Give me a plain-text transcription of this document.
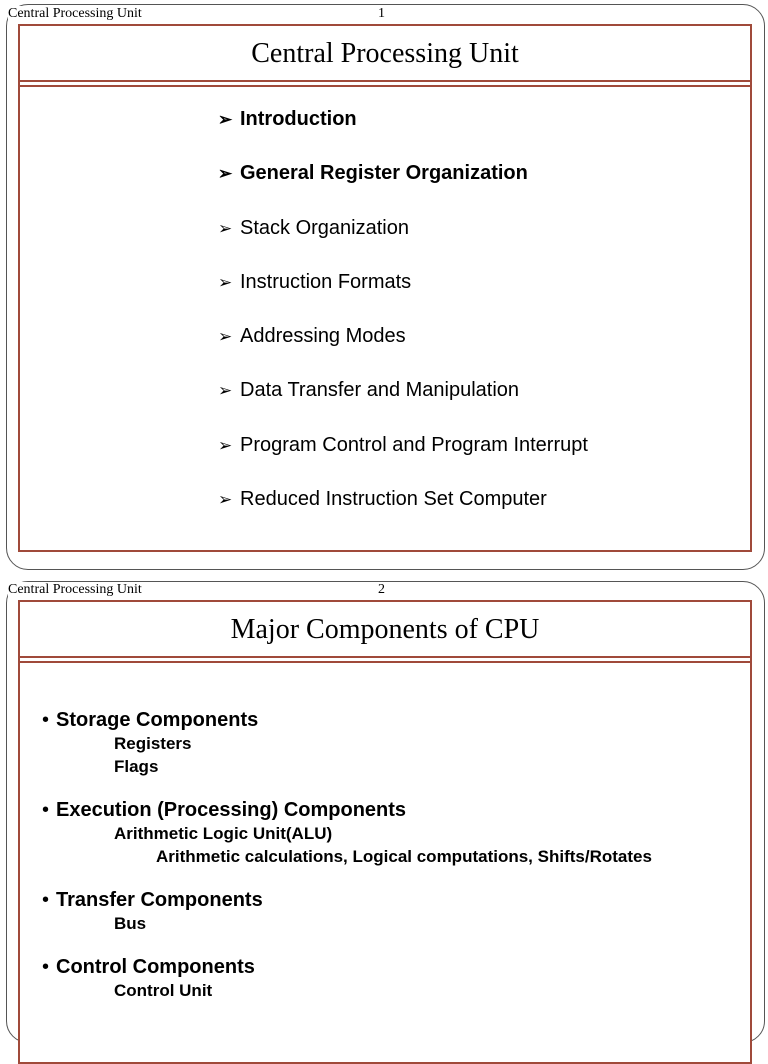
Central Processing Unit	1
Central Processing Unit
➢ Introduction
➢ General Register Organization
➢ Stack Organization
➢ Instruction Formats
➢ Addressing Modes
➢ Data Transfer and Manipulation
➢ Program Control and Program Interrupt
➢ Reduced Instruction Set Computer
Central Processing Unit	2
Major Components of CPU
• Storage Components
Registers
Flags
• Execution (Processing) Components
Arithmetic Logic Unit(ALU)
Arithmetic calculations, Logical computations, Shifts/Rotates
• Transfer Components
Bus
• Control Components
Control Unit
